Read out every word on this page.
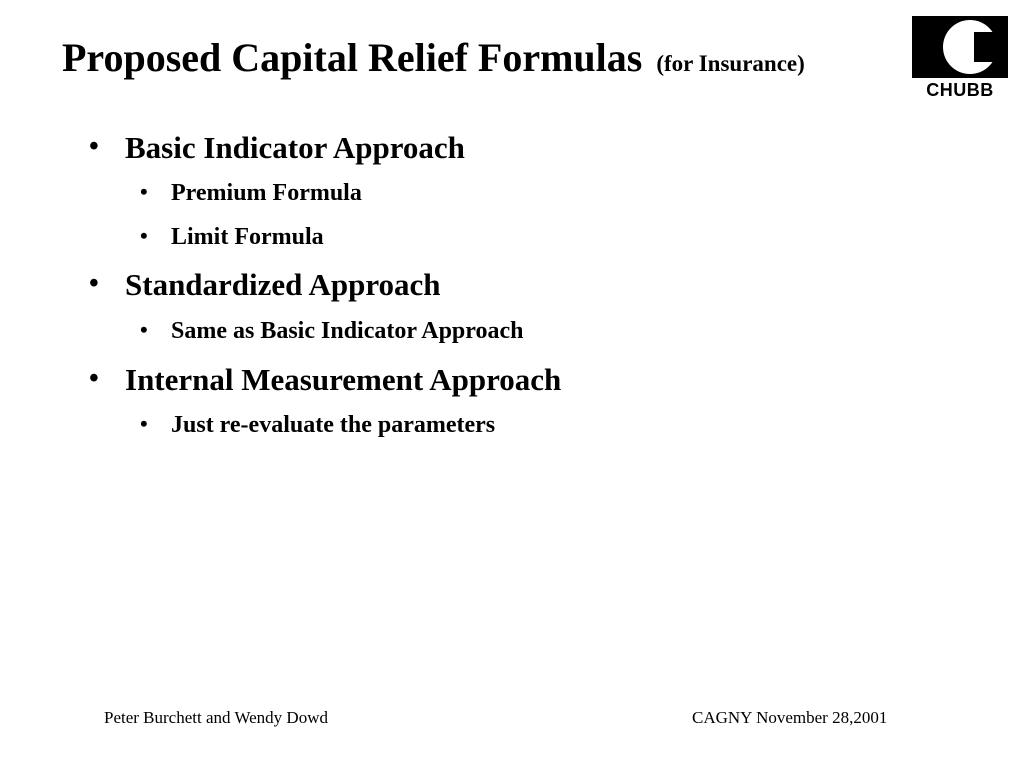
Proposed Capital Relief Formulas (for Insurance)
CHUBB
• Basic Indicator Approach
• Premium Formula
• Limit Formula
• Standardized Approach
• Same as Basic Indicator Approach
• Internal Measurement Approach
• Just re-evaluate the parameters
Peter Burchett and Wendy Dowd	CAGNY November 28,2001
